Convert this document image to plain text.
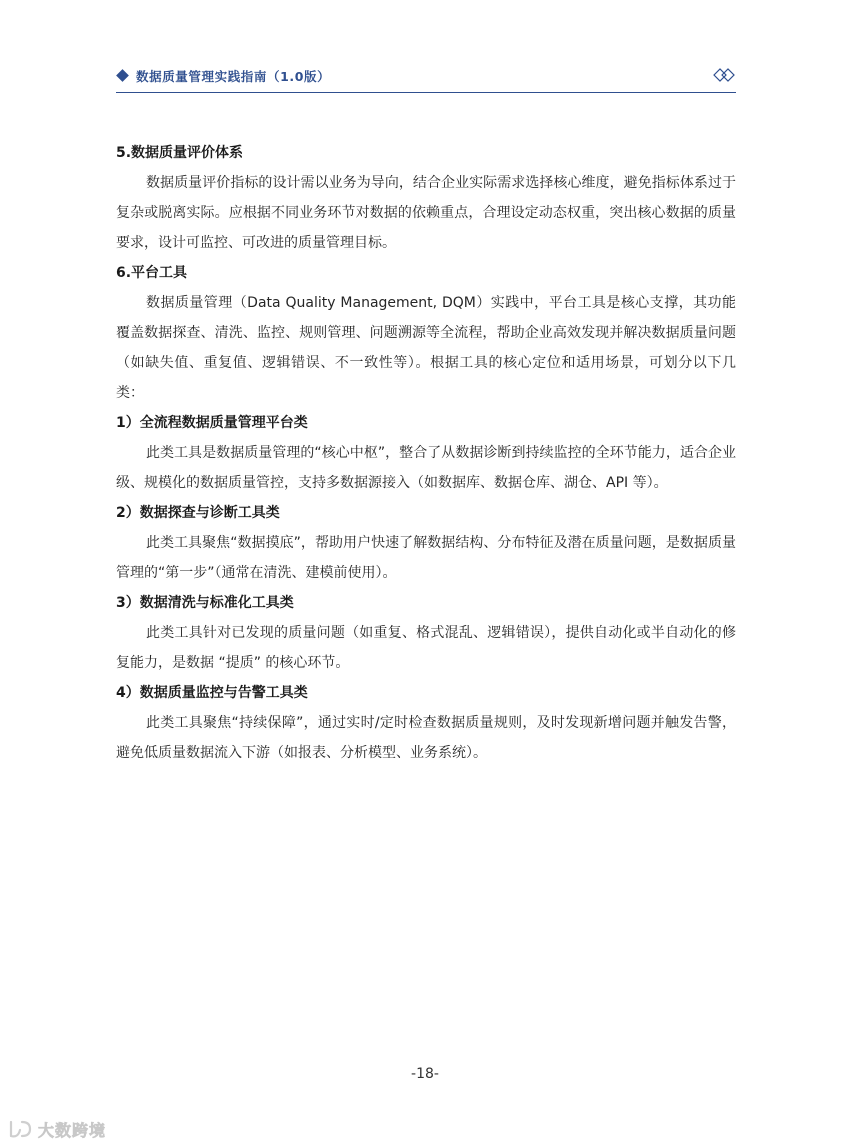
数据质量管理实践指南（1.0版）
5.数据质量评价体系

数据质量评价指标的设计需以业务为导向，结合企业实际需求选择核心维度，避免指标体系过于复杂或脱离实际。应根据不同业务环节对数据的依赖重点，合理设定动态权重，突出核心数据的质量要求，设计可监控、可改进的质量管理目标。

6.平台工具

数据质量管理（Data Quality Management, DQM）实践中，平台工具是核心支撑，其功能覆盖数据探查、清洗、监控、规则管理、问题溯源等全流程，帮助企业高效发现并解决数据质量问题（如缺失值、重复值、逻辑错误、不一致性等）。根据工具的核心定位和适用场景，可划分以下几类：

1）全流程数据质量管理平台类

此类工具是数据质量管理的“核心中枢”，整合了从数据诊断到持续监控的全环节能力，适合企业级、规模化的数据质量管控，支持多数据源接入（如数据库、数据仓库、湖仓、API 等）。

2）数据探查与诊断工具类

此类工具聚焦“数据摸底”，帮助用户快速了解数据结构、分布特征及潜在质量问题，是数据质量管理的“第一步”（通常在清洗、建模前使用）。

3）数据清洗与标准化工具类

此类工具针对已发现的质量问题（如重复、格式混乱、逻辑错误），提供自动化或半自动化的修复能力，是数据 “提质” 的核心环节。

4）数据质量监控与告警工具类

此类工具聚焦“持续保障”，通过实时/定时检查数据质量规则，及时发现新增问题并触发告警，避免低质量数据流入下游（如报表、分析模型、业务系统）。

-18-
大数跨境
